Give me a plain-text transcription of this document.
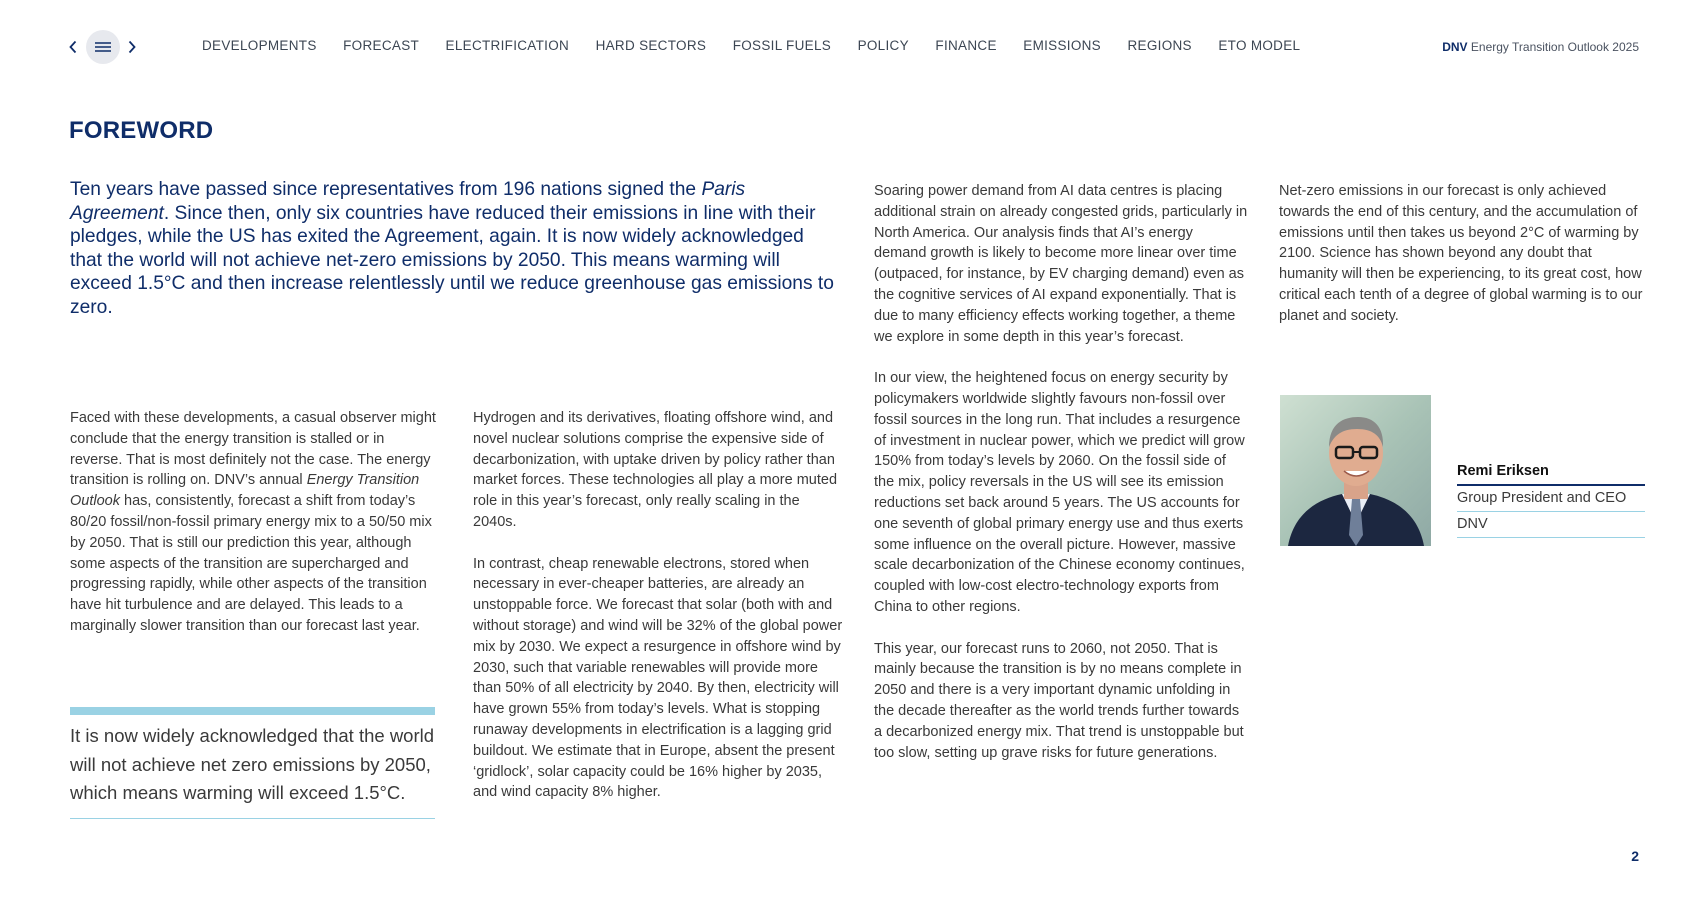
DEVELOPMENTS FORECAST ELECTRIFICATION HARD SECTORS FOSSIL FUELS POLICY FINANCE EMISSIONS REGIONS ETO MODEL	DNV Energy Transition Outlook 2025
FOREWORD

Ten years have passed since representatives from 196 nations signed the Paris Agreement. Since then, only six countries have reduced their emissions in line with their pledges, while the US has exited the Agreement, again. It is now widely acknowledged that the world will not achieve net-zero emissions by 2050. This means warming will exceed 1.5°C and then increase relentlessly until we reduce greenhouse gas emissions to zero.

Faced with these developments, a casual observer might conclude that the energy transition is stalled or in reverse. That is most definitely not the case. The energy transition is rolling on. DNV’s annual Energy Transition Outlook has, consistently, forecast a shift from today’s 80/20 fossil/non-fossil primary energy mix to a 50/50 mix by 2050. That is still our prediction this year, although some aspects of the transition are supercharged and progressing rapidly, while other aspects of the transition have hit turbulence and are delayed. This leads to a marginally slower transition than our forecast last year.

It is now widely acknowledged that the world will not achieve net zero emissions by 2050, which means warming will exceed 1.5°C.

Hydrogen and its derivatives, floating offshore wind, and novel nuclear solutions comprise the expensive side of decarbonization, with uptake driven by policy rather than market forces. These technologies all play a more muted role in this year’s forecast, only really scaling in the 2040s.

In contrast, cheap renewable electrons, stored when necessary in ever-cheaper batteries, are already an unstoppable force. We forecast that solar (both with and without storage) and wind will be 32% of the global power mix by 2030. We expect a resurgence in offshore wind by 2030, such that variable renewables will provide more than 50% of all electricity by 2040. By then, electricity will have grown 55% from today’s levels. What is stopping runaway developments in electrification is a lagging grid buildout. We estimate that in Europe, absent the present ‘gridlock’, solar capacity could be 16% higher by 2035, and wind capacity 8% higher.

Soaring power demand from AI data centres is placing additional strain on already congested grids, particularly in North America. Our analysis finds that AI’s energy demand growth is likely to become more linear over time (outpaced, for instance, by EV charging demand) even as the cognitive services of AI expand exponentially. That is due to many efficiency effects working together, a theme we explore in some depth in this year’s forecast.

In our view, the heightened focus on energy security by policymakers worldwide slightly favours non-fossil over fossil sources in the long run. That includes a resurgence of investment in nuclear power, which we predict will grow 150% from today’s levels by 2060. On the fossil side of the mix, policy reversals in the US will see its emission reductions set back around 5 years. The US accounts for one seventh of global primary energy use and thus exerts some influence on the overall picture. However, massive scale decarbonization of the Chinese economy continues, coupled with low-cost electro-technology exports from China to other regions.

This year, our forecast runs to 2060, not 2050. That is mainly because the transition is by no means complete in 2050 and there is a very important dynamic unfolding in the decade thereafter as the world trends further towards a decarbonized energy mix. That trend is unstoppable but too slow, setting up grave risks for future generations.

Net-zero emissions in our forecast is only achieved towards the end of this century, and the accumulation of emissions until then takes us beyond 2°C of warming by 2100. Science has shown beyond any doubt that humanity will then be experiencing, to its great cost, how critical each tenth of a degree of global warming is to our planet and society.

Remi Eriksen
Group President and CEO
DNV
2
